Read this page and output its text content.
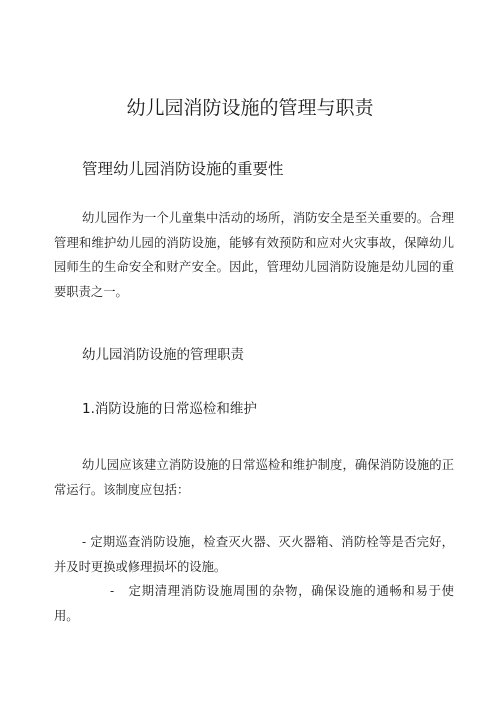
幼儿园消防设施的管理与职责
管理幼儿园消防设施的重要性

幼儿园作为一个儿童集中活动的场所，消防安全是至关重要的。合理管理和维护幼儿园的消防设施，能够有效预防和应对火灾事故，保障幼儿园师生的生命安全和财产安全。因此，管理幼儿园消防设施是幼儿园的重要职责之一。

幼儿园消防设施的管理职责
1.消防设施的日常巡检和维护

幼儿园应该建立消防设施的日常巡检和维护制度，确保消防设施的正常运行。该制度应包括：

- 定期巡查消防设施，检查灭火器、灭火器箱、消防栓等是否完好，并及时更换或修理损坏的设施。

- 定期清理消防设施周围的杂物，确保设施的通畅和易于使用。
